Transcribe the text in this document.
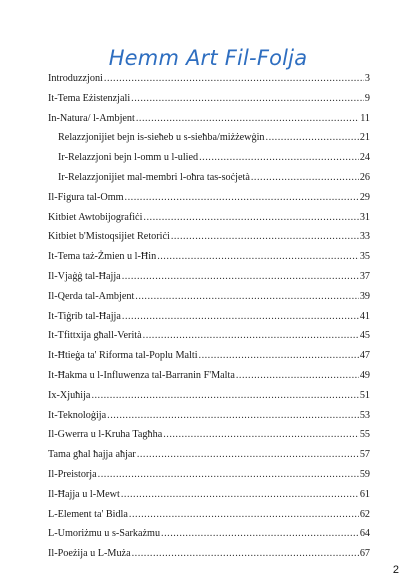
Hemm Art Fil-Folja
Introduzzjoni .....	3
It-Tema Eżistenzjali .....	9
In-Natura/ l-Ambjent .....	11
Relazzjonijiet bejn is-sieħeb u s-sieħba/miżżewġin .....	21
Ir-Relazzjoni bejn l-omm u l-ulied .....	24
Ir-Relazzjonijiet mal-membri l-oħra tas-soċjetà .....	26
Il-Figura tal-Omm .....	29
Kitbiet Awtobijografiċi .....	31
Kitbiet b'Mistoqsijiet Retoriċi .....	33
It-Tema taż-Żmien u l-Ħin .....	35
Il-Vjaġġ tal-Ħajja .....	37
Il-Qerda tal-Ambjent .....	39
It-Tiġrib tal-Ħajja .....	41
It-Tfittxija għall-Verità .....	45
It-Ħtieġa ta' Riforma tal-Poplu Malti .....	47
It-Ħakma u l-Influwenza tal-Barranin F'Malta .....	49
Ix-Xjuħija .....	51
It-Teknoloġija .....	53
Il-Gwerra u l-Kruha Tagħha .....	55
Tama għal ħajja aħjar .....	57
Il-Preistorja .....	59
Il-Ħajja u l-Mewt .....	61
L-Element ta' Bidla .....	62
L-Umoriżmu u s-Sarkażmu .....	64
Il-Poeżija u L-Muża .....	67
2
